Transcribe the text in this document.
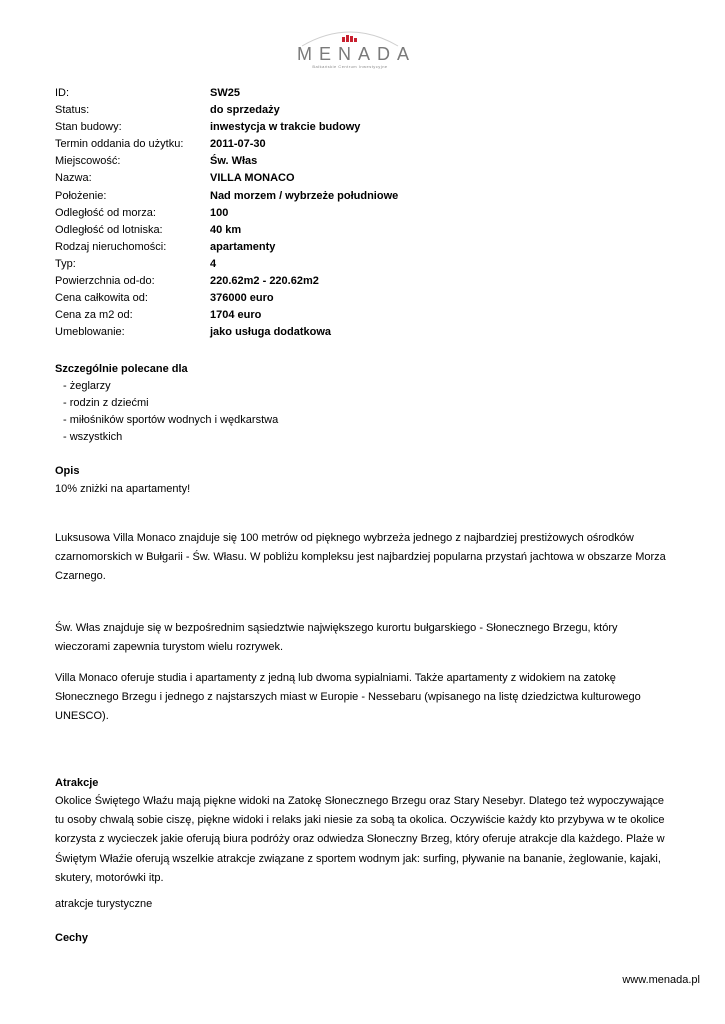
MENADA
Bałkańskie Centrum Inwestycyjne
ID:	SW25
Status:	do sprzedaży
Stan budowy:	inwestycja w trakcie budowy
Termin oddania do użytku: 2011-07-30
Miejscowość:	Św. Włas
Nazwa:	VILLA MONACO
Położenie:	Nad morzem / wybrzeże południowe
Odległość od morza:	100
Odległość od lotniska:	40 km
Rodzaj nieruchomości:	apartamenty
Typ:	4
Powierzchnia od-do:	220.62m2 - 220.62m2
Cena całkowita od:	376000 euro
Cena za m2 od:	1704 euro
Umeblowanie:	jako usługa dodatkowa
Szczególnie polecane dla
- żeglarzy
- rodzin z dziećmi
- miłośników sportów wodnych i wędkarstwa
- wszystkich
Opis
10% zniżki na apartamenty!
Luksusowa Villa Monaco znajduje się 100 metrów od pięknego wybrzeża jednego z najbardziej prestiżowych ośrodków czarnomorskich w Bułgarii - Św. Własu. W pobliżu kompleksu jest najbardziej popularna przystań jachtowa w obszarze Morza Czarnego.
Św. Włas znajduje się w bezpośrednim sąsiedztwie największego kurortu bułgarskiego - Słonecznego Brzegu, który wieczorami zapewnia turystom wielu rozrywek.
Villa Monaco oferuje studia i apartamenty z jedną lub dwoma sypialniami. Także apartamenty z widokiem na zatokę Słonecznego Brzegu i jednego z najstarszych miast w Europie - Nessebaru (wpisanego na listę dziedzictwa kulturowego UNESCO).
Atrakcje
Okolice Świętego Właźu mają piękne widoki na Zatokę Słonecznego Brzegu oraz Stary Nesebyr. Dlatego też wypoczywające tu osoby chwalą sobie ciszę, piękne widoki i relaks jaki niesie za sobą ta okolica. Oczywiście każdy kto przybywa w te okolice korzysta z wycieczek jakie oferują biura podróży oraz odwiedza Słoneczny Brzeg, który oferuje atrakcje dla każdego. Plaże w Świętym Właźie oferują wszelkie atrakcje związane z sportem wodnym jak: surfing, pływanie na bananie, żeglowanie, kajaki, skutery, motorówki itp.
atrakcje turystyczne
Cechy
www.menada.pl
